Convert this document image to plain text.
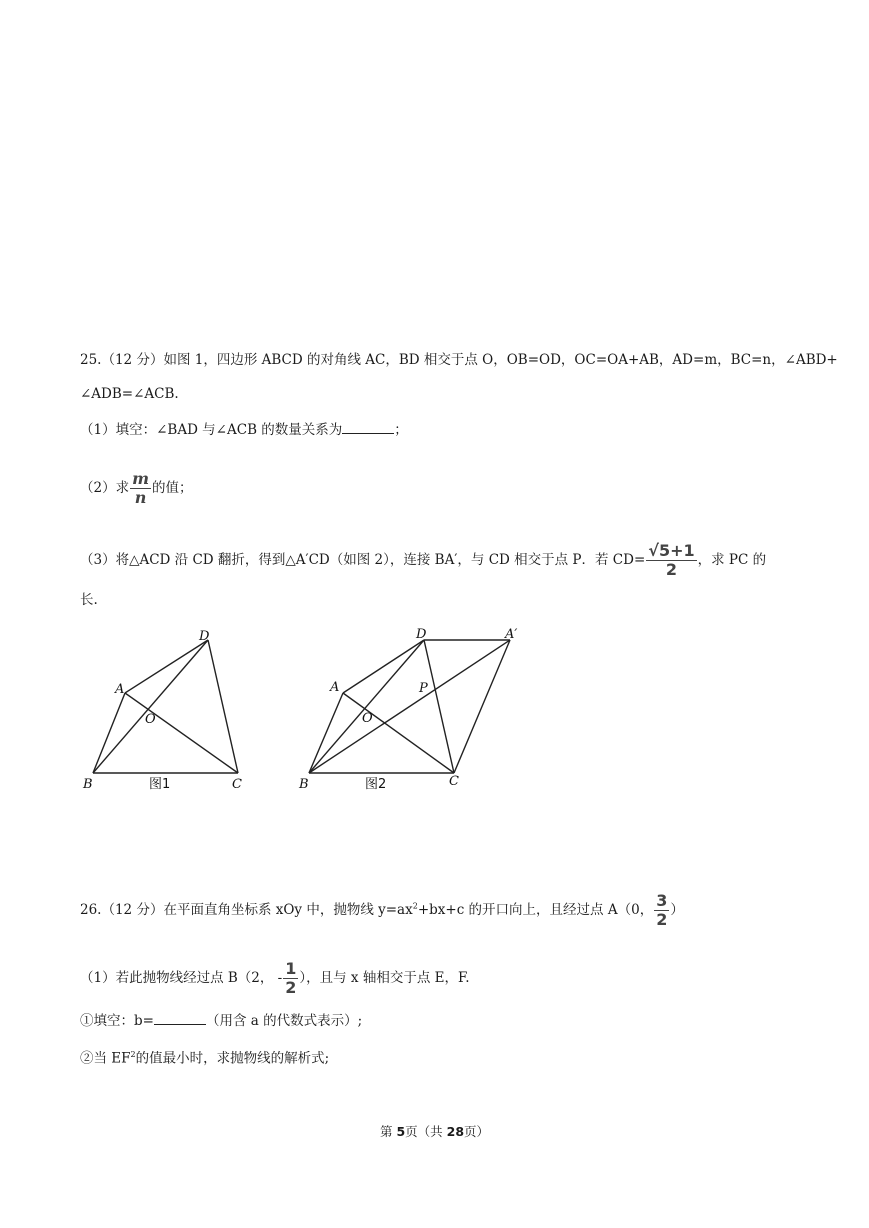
25.（12 分）如图 1，四边形 ABCD 的对角线 AC，BD 相交于点 O，OB=OD，OC=OA+AB，AD=m，BC=n，∠ABD+
∠ADB=∠ACB.
（1）填空：∠BAD 与∠ACB 的数量关系为	；
（2）求 $\frac{m}{n}$ 的值；
（3）将△ACD 沿 CD 翻折，得到△A′CD（如图 2），连接 BA′，与 CD 相交于点 P．若 $CD= \frac{√5+1}{2}$ ，求 PC 的
长.
A
B	C
D
O
图1
A
B	C
D
O
P
A′
图2
26.（12 分）在平面直角坐标系 xOy 中，抛物线 $y=ax^2+bx+c$ 的开口向上，且经过点 A（0， $\frac{3}{2}$ ）
（1）若此抛物线经过点 B（2， - $\frac{1}{2}$ ），且与 x 轴相交于点 E，F.
①填空：b=	（用含 a 的代数式表示）;
②当 $EF^2$的值最小时，求抛物线的解析式;
第 5页（共 28页）
